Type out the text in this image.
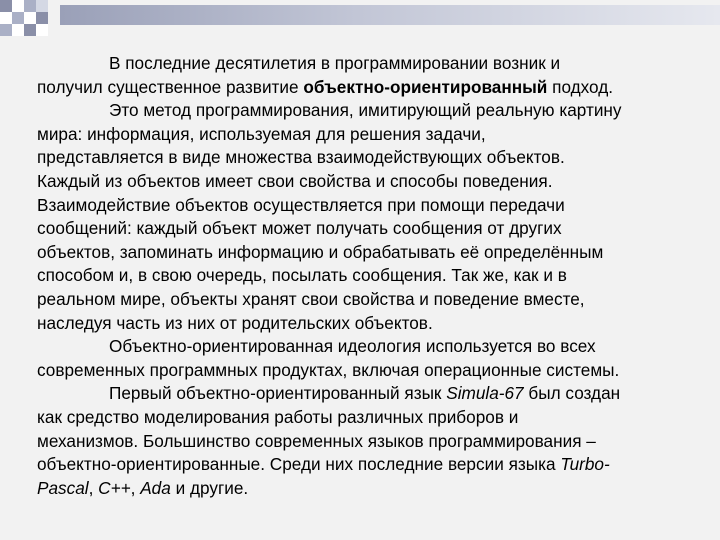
В последние десятилетия в программировании возник и
получил существенное развитие объектно-ориентированный подход.

Это метод программирования, имитирующий реальную картину
мира: информация, используемая для решения задачи,
представляется в виде множества взаимодействующих объектов.
Каждый из объектов имеет свои свойства и способы поведения.
Взаимодействие объектов осуществляется при помощи передачи
сообщений: каждый объект может получать сообщения от других
объектов, запоминать информацию и обрабатывать её определённым
способом и, в свою очередь, посылать сообщения. Так же, как и в
реальном мире, объекты хранят свои свойства и поведение вместе,
наследуя часть из них от родительских объектов.

Объектно-ориентированная идеология используется во всех
современных программных продуктах, включая операционные системы.

Первый объектно-ориентированный язык Simula-67 был создан
как средство моделирования работы различных приборов и
механизмов. Большинство современных языков программирования –
объектно-ориентированные. Среди них последние версии языка Turbo-
Pascal, C++, Ada и другие.
